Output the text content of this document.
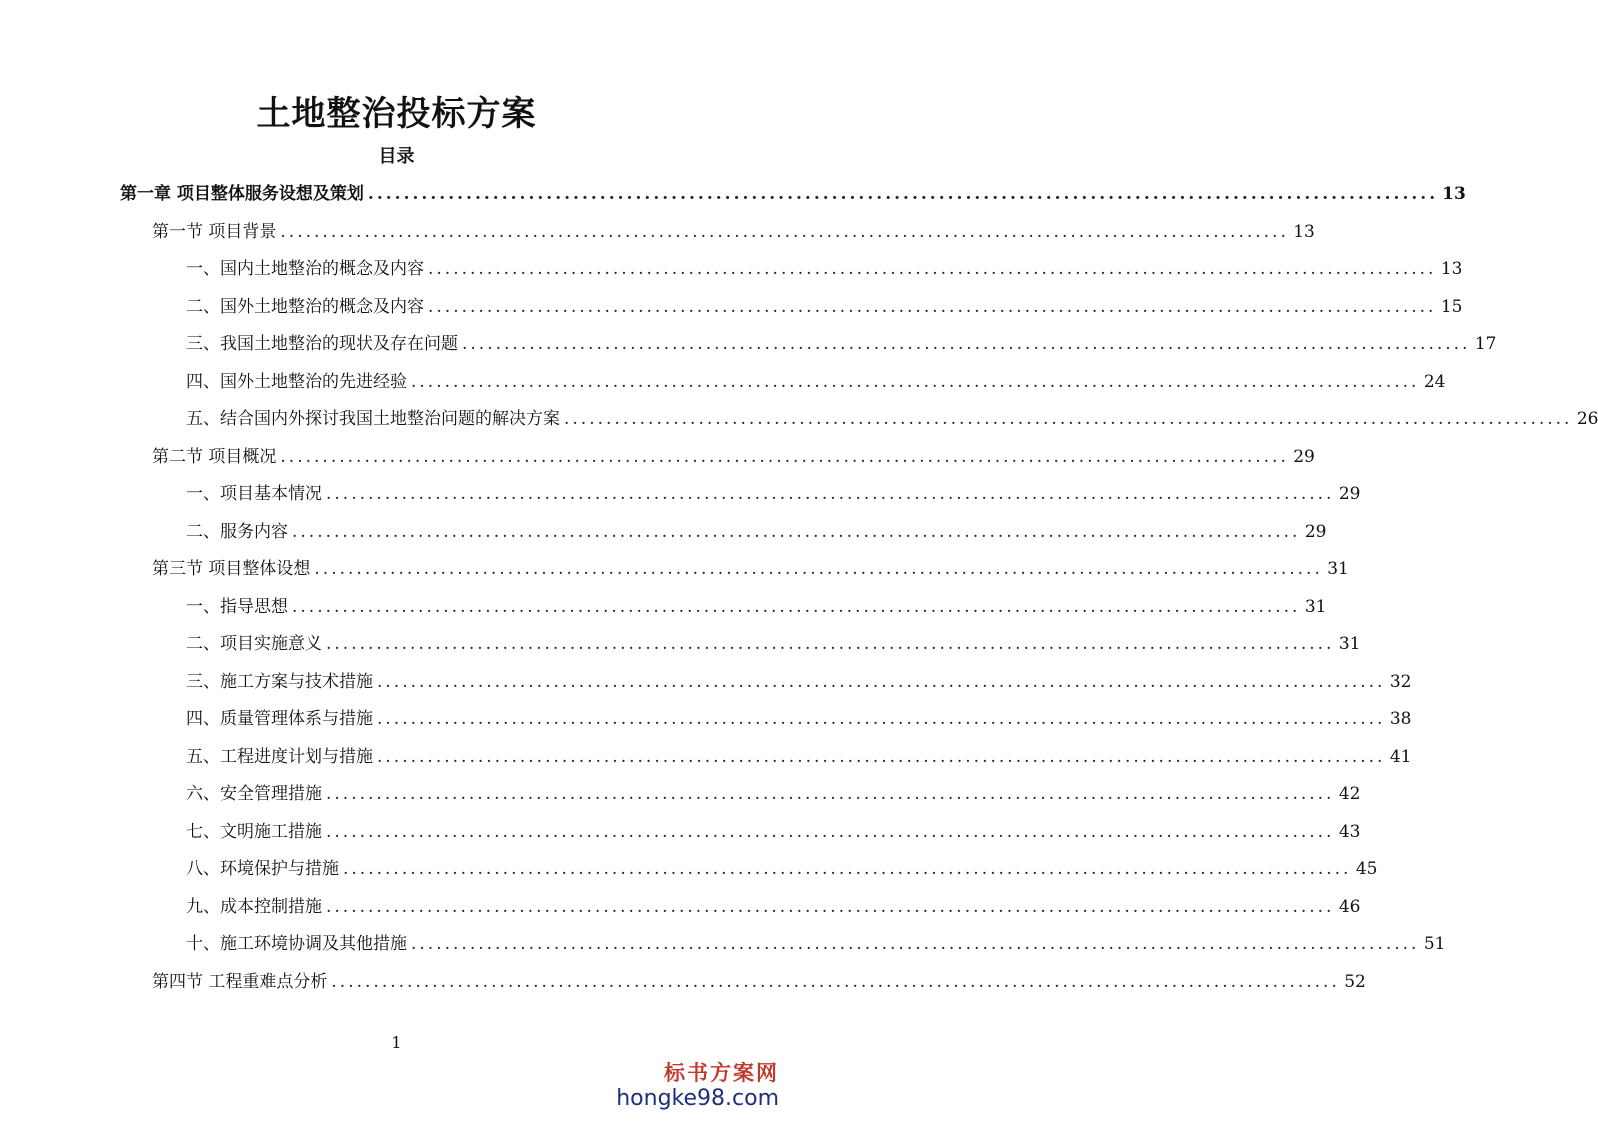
土地整治投标方案
目录
第一章 项目整体服务设想及策划 ........................................................................................................................ 13
第一节 项目背景 ........................................................................................................................ 13
一、国内土地整治的概念及内容 ........................................................................................................................ 13
二、国外土地整治的概念及内容 ........................................................................................................................ 15
三、我国土地整治的现状及存在问题 ........................................................................................................................ 17
四、国外土地整治的先进经验 ........................................................................................................................ 24
五、结合国内外探讨我国土地整治问题的解决方案 ........................................................................................................................ 26
第二节 项目概况 ........................................................................................................................ 29
一、项目基本情况 ........................................................................................................................ 29
二、服务内容 ........................................................................................................................ 29
第三节 项目整体设想 ........................................................................................................................ 31
一、指导思想 ........................................................................................................................ 31
二、项目实施意义 ........................................................................................................................ 31
三、施工方案与技术措施 ........................................................................................................................ 32
四、质量管理体系与措施 ........................................................................................................................ 38
五、工程进度计划与措施 ........................................................................................................................ 41
六、安全管理措施 ........................................................................................................................ 42
七、文明施工措施 ........................................................................................................................ 43
八、环境保护与措施 ........................................................................................................................ 45
九、成本控制措施 ........................................................................................................................ 46
十、施工环境协调及其他措施 ........................................................................................................................ 51
第四节 工程重难点分析 ........................................................................................................................ 52
1
标书方案网
hongke98.com
